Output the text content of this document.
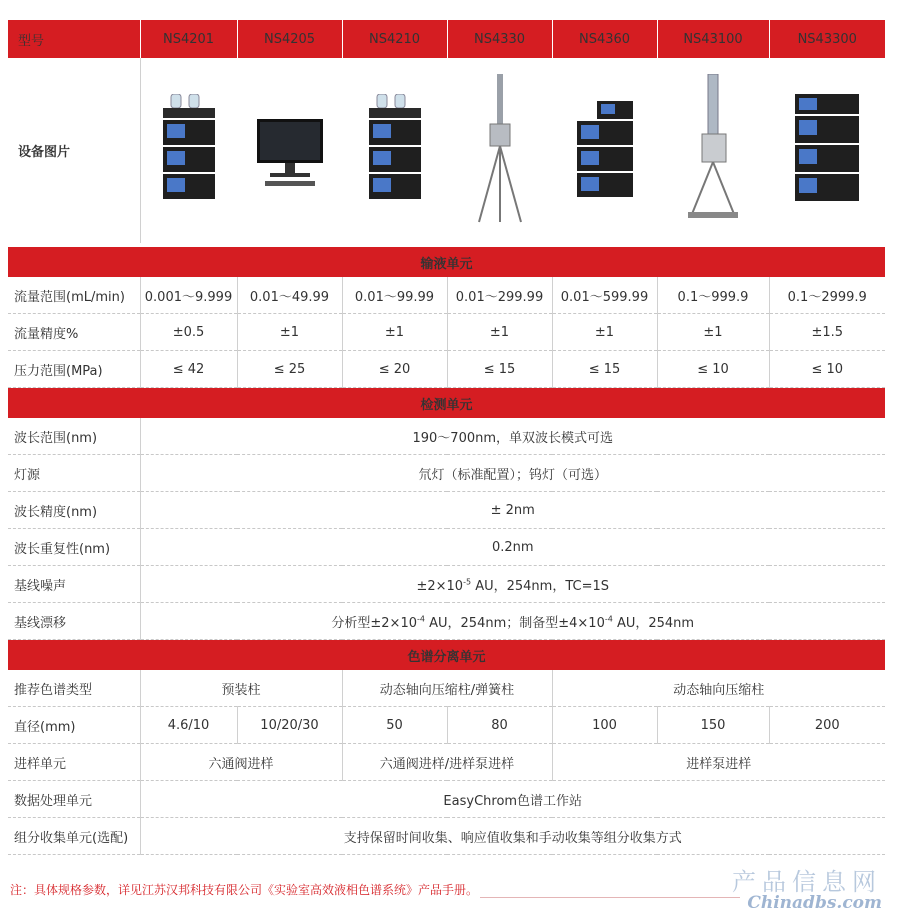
型号	NS4201	NS4205	NS4210	NS4330	NS4360	NS43100	NS43300
设备图片							

输液单元							
流量范围(mL/min)	0.001～9.999	0.01～49.99	0.01～99.99	0.01～299.99	0.01～599.99	0.1～999.9	0.1～2999.9
流量精度%	±0.5	±1	±1	±1	±1	±1	±1.5
压力范围(MPa)	≤ 42	≤ 25	≤ 20	≤ 15	≤ 15	≤ 10	≤ 10
检测单元							
波长范围(nm)	190～700nm，单双波长模式可选						
灯源	氘灯（标准配置）；钨灯（可选）						
波长精度(nm)	± 2nm						
波长重复性(nm)	0.2nm						
基线噪声	$\pm 2\times 10^{-5}$ AU，254nm，TC=1S						
基线漂移	分析型$\pm 2\times 10^{-4}$ AU，254nm；制备型$\pm 4\times 10^{-4}$ AU，254nm						
色谱分离单元							
推荐色谱类型	预装柱		动态轴向压缩柱/弹簧柱		动态轴向压缩柱		
直径(mm)	4.6/10	10/20/30	50	80	100	150	200
进样单元	六通阀进样		六通阀进样/进样泵进样		进样泵进样		
数据处理单元	EasyChrom色谱工作站						
组分收集单元(选配)	支持保留时间收集、响应值收集和手动收集等组分收集方式						
注：具体规格参数，详见江苏汉邦科技有限公司《实验室高效液相色谱系统》产品手册。	产品信息网
Chinadbs.com
